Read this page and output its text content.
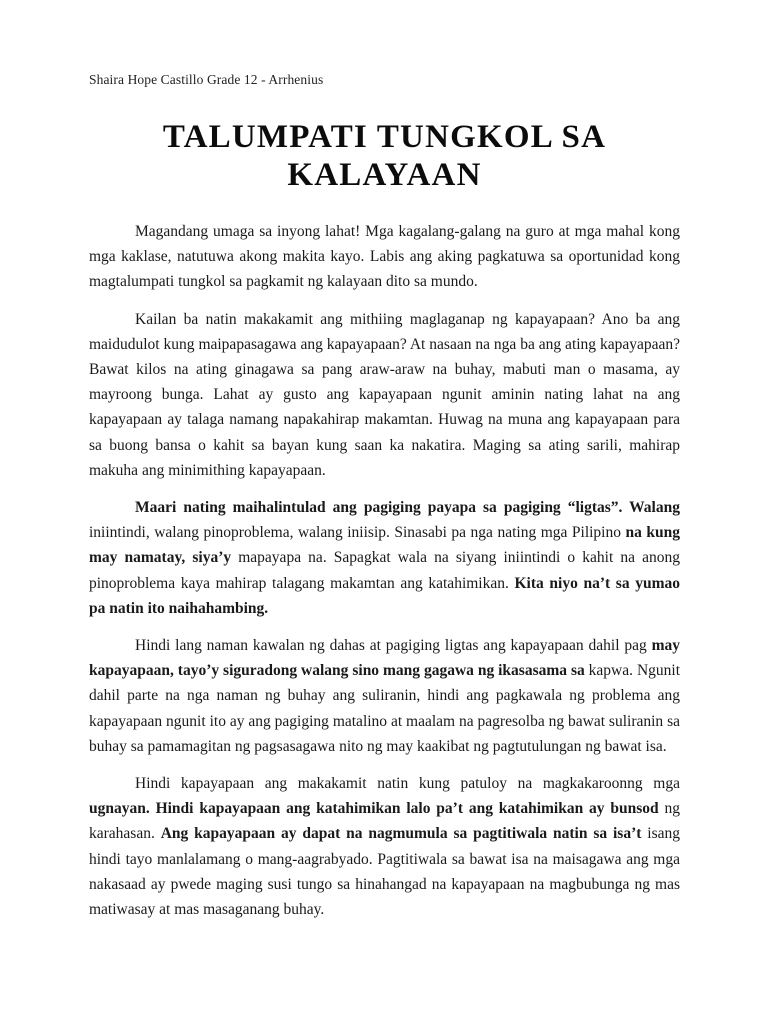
Shaira Hope Castillo Grade 12 - Arrhenius
TALUMPATI TUNGKOL SA
KALAYAAN

Magandang umaga sa inyong lahat! Mga kagalang-galang na guro at mga mahal kong mga kaklase, natutuwa akong makita kayo. Labis ang aking pagkatuwa sa oportunidad kong magtalumpati tungkol sa pagkamit ng kalayaan dito sa mundo.

Kailan ba natin makakamit ang mithiing maglaganap ng kapayapaan? Ano ba ang maidudulot kung maipapasagawa ang kapayapaan? At nasaan na nga ba ang ating kapayapaan? Bawat kilos na ating ginagawa sa pang araw-araw na buhay, mabuti man o masama, ay mayroong bunga. Lahat ay gusto ang kapayapaan ngunit aminin nating lahat na ang kapayapaan ay talaga namang napakahirap makamtan. Huwag na muna ang kapayapaan para sa buong bansa o kahit sa bayan kung saan ka nakatira. Maging sa ating sarili, mahirap makuha ang minimithing kapayapaan.

Maari nating maihalintulad ang pagiging payapa sa pagiging “ligtas”. Walang iniintindi, walang pinoproblema, walang iniisip. Sinasabi pa nga nating mga Pilipino na kung may namatay, siya’y mapayapa na. Sapagkat wala na siyang iniintindi o kahit na anong pinoproblema kaya mahirap talagang makamtan ang katahimikan. Kita niyo na’t sa yumao pa natin ito naihahambing.

Hindi lang naman kawalan ng dahas at pagiging ligtas ang kapayapaan dahil pag may kapayapaan, tayo’y siguradong walang sino mang gagawa ng ikasasama sa kapwa. Ngunit dahil parte na nga naman ng buhay ang suliranin, hindi ang pagkawala ng problema ang kapayapaan ngunit ito ay ang pagiging matalino at maalam na pagresolba ng bawat suliranin sa buhay sa pamamagitan ng pagsasagawa nito ng may kaakibat ng pagtutulungan ng bawat isa.

Hindi kapayapaan ang makakamit natin kung patuloy na magkakaroonng mga ugnayan. Hindi kapayapaan ang katahimikan lalo pa’t ang katahimikan ay bunsod ng karahasan. Ang kapayapaan ay dapat na nagmumula sa pagtitiwala natin sa isa’t isang hindi tayo manlalamang o mang-aagrabyado. Pagtitiwala sa bawat isa na maisagawa ang mga nakasaad ay pwede maging susi tungo sa hinahangad na kapayapaan na magbubunga ng mas matiwasay at mas masaganang buhay.
